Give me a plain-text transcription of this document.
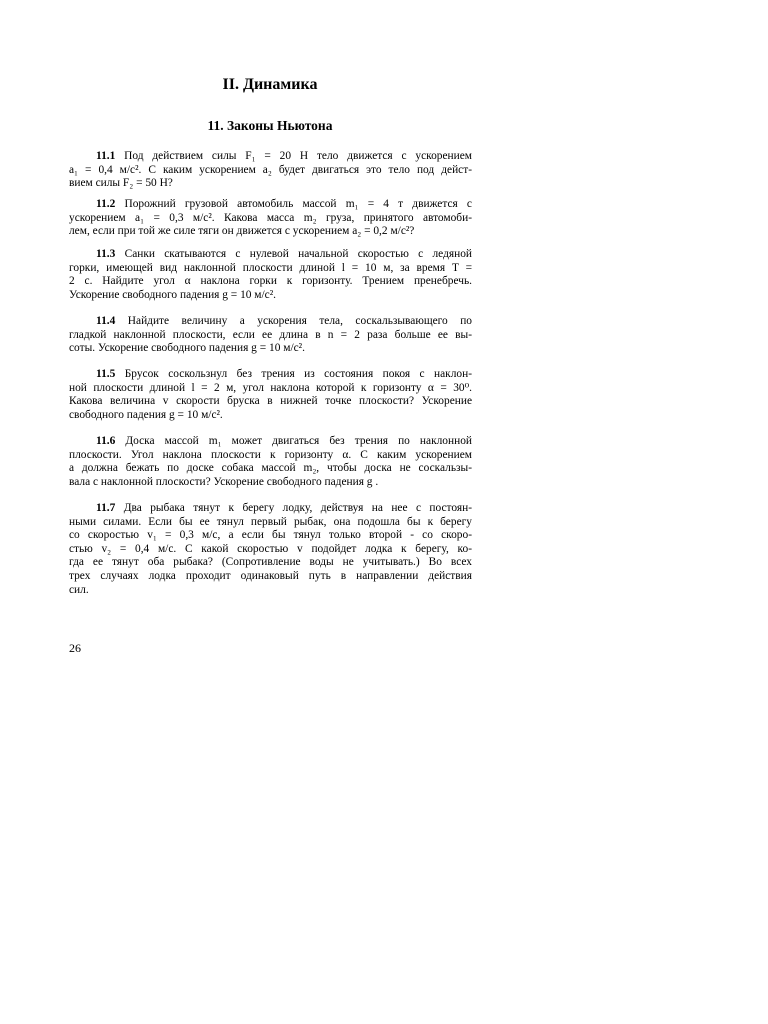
II. Динамика
11. Законы Ньютона

11.1 Под действием силы F₁ = 20 Н тело движется с ускорением
a₁ = 0,4 м/с². С каким ускорением a₂ будет двигаться это тело под дейст-
вием силы F₂ = 50 Н?

11.2 Порожний грузовой автомобиль массой m₁ = 4 т движется с
ускорением a₁ = 0,3 м/с². Какова масса m₂ груза, принятого автомоби-
лем, если при той же силе тяги он движется с ускорением a₂ = 0,2 м/с²?

11.3 Санки скатываются с нулевой начальной скоростью с ледяной
горки, имеющей вид наклонной плоскости длиной l = 10 м, за время T =
2 с. Найдите угол α наклона горки к горизонту. Трением пренебречь.
Ускорение свободного падения g = 10 м/с².

11.4 Найдите величину a ускорения тела, соскальзывающего по
гладкой наклонной плоскости, если ее длина в n = 2 раза больше ее вы-
соты. Ускорение свободного падения g = 10 м/с².

11.5 Брусок соскользнул без трения из состояния покоя с наклон-
ной плоскости длиной l = 2 м, угол наклона которой к горизонту α = 30⁰.
Какова величина v скорости бруска в нижней точке плоскости? Ускорение
свободного падения g = 10 м/с².

11.6 Доска массой m₁ может двигаться без трения по наклонной
плоскости. Угол наклона плоскости к горизонту α. С каким ускорением
a должна бежать по доске собака массой m₂, чтобы доска не соскальзы-
вала с наклонной плоскости? Ускорение свободного падения g .

11.7 Два рыбака тянут к берегу лодку, действуя на нее с постоян-
ными силами. Если бы ее тянул первый рыбак, она подошла бы к берегу
со скоростью v₁ = 0,3 м/с, а если бы тянул только второй - со скоро-
стью v₂ = 0,4 м/с. С какой скоростью v подойдет лодка к берегу, ко-
гда ее тянут оба рыбака? (Сопротивление воды не учитывать.) Во всех
трех случаях лодка проходит одинаковый путь в направлении действия
сил.

26
